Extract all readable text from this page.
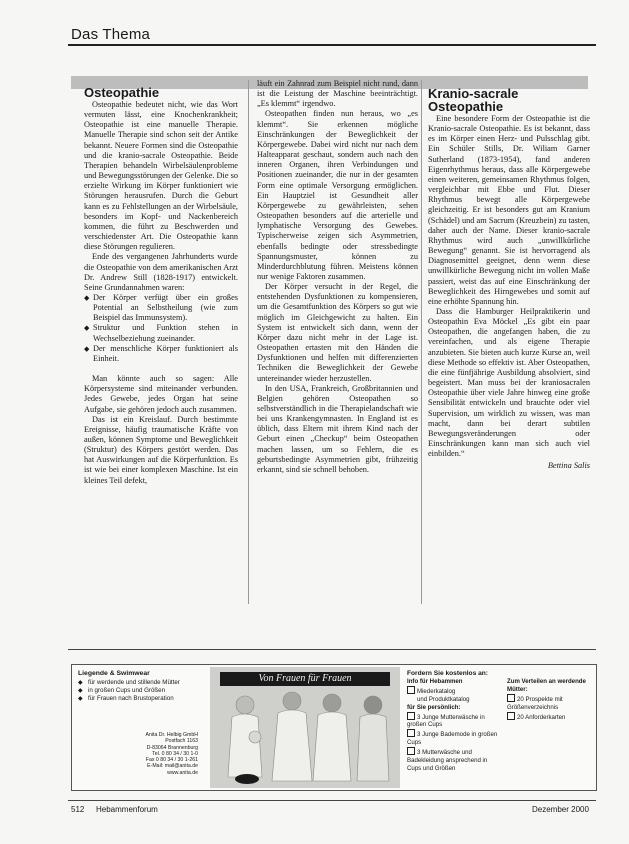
Das Thema
Osteopathie

Osteopathie bedeutet nicht, wie das Wort vermuten lässt, eine Knochenkrankheit; Osteopathie ist eine manuelle Therapie. Manuelle Therapie sind schon seit der Antike bekannt. Neuere Formen sind die Osteopathie und die kranio-sacrale Osteopathie. Beide Therapien behandeln Wirbelsäulenprobleme und Bewegungsstörungen der Gelenke. Die so erzielte Wirkung im Körper funktioniert wie Störungen herausrufen. Durch die Geburt kann es zu Fehlstellungen an der Wirbelsäule, besonders im Kopf- und Nackenbereich kommen, die führt zu Beschwerden und verschiedenster Art. Die Osteopathie kann diese Störungen regulieren.

Ende des vergangenen Jahrhunderts wurde die Osteopathie von dem amerikanischen Arzt Dr. Andrew Still (1828-1917) entwickelt. Seine Grundannahmen waren:

◆ Der Körper verfügt über ein großes Potential an Selbstheilung (wie zum Beispiel das Immunsystem).
◆ Struktur und Funktion stehen in Wechselbeziehung zueinander.
◆ Der menschliche Körper funktioniert als Einheit.

Man könnte auch so sagen: Alle Körpersysteme sind miteinander verbunden. Jedes Gewebe, jedes Organ hat seine Aufgabe, sie gehören jedoch auch zusammen.

Das ist ein Kreislauf. Durch bestimmte Ereignisse, häufig traumatische Kräfte von außen, können Symptome und Beweglichkeit (Struktur) des Körpers gestört werden. Das hat Auswirkungen auf die Körperfunktion. Es ist wie bei einer komplexen Maschine. Ist ein kleines Teil defekt,

läuft ein Zahnrad zum Beispiel nicht rund, dann ist die Leistung der Maschine beeinträchtigt. „Es klemmt“ irgendwo.

Osteopathen finden nun heraus, wo „es klemmt“. Sie erkennen mögliche Einschränkungen der Beweglichkeit der Körpergewebe. Dabei wird nicht nur nach dem Halteapparat geschaut, sondern auch nach den inneren Organen, ihren Verbindungen und Positionen zueinander, die nur in der gesamten Form eine optimale Versorgung ermöglichen. Ein Hauptziel ist Gesundheit aller Körpergewebe zu gewährleisten, sehen Osteopathen besonders auf die arterielle und lymphatische Versorgung des Gewebes. Typischerweise zeigen sich Asymmetrien, ebenfalls bedingte oder stressbedingte Spannungsmuster, können zu Minderdurchblutung führen. Meistens können nur wenige Faktoren zusammen.

Der Körper versucht in der Regel, die entstehenden Dysfunktionen zu kompensieren, um die Gesamtfunktion des Körpers so gut wie möglich im Gleichgewicht zu halten. Ein System ist entwickelt sich dann, wenn der Körper dazu nicht mehr in der Lage ist. Osteopathen ertasten mit den Händen die Dysfunktionen und helfen mit differenzierten Techniken die Beweglichkeit der Gewebe untereinander wieder herzustellen.

In den USA, Frankreich, Großbritannien und Belgien gehören Osteopathen so selbstverständlich in die Therapielandschaft wie bei uns Krankengymnasten. In England ist es üblich, dass Eltern mit ihrem Kind nach der Geburt einen „Checkup“ beim Osteopathen machen lassen, um so Fehlern, die es geburtsbedingte Asymmetrien gibt, frühzeitig erkannt, sind sie schnell behoben.

Kranio-sacrale Osteopathie

Eine besondere Form der Osteopathie ist die Kranio-sacrale Osteopathie. Es ist bekannt, dass es im Körper einen Herz- und Pulsschlag gibt. Ein Schüler Stills, Dr. Wiliam Garner Sutherland (1873-1954), fand anderen Eigenrhythmus heraus, dass alle Körpergewebe einen weiteren, gemeinsamen Rhythmus folgen, vergleichbar mit Ebbe und Flut. Dieser Rhythmus bewegt alle Körpergewebe gleichzeitig. Er ist besonders gut am Kranium (Schädel) und am Sacrum (Kreuzbein) zu tasten, daher auch der Name. Dieser kranio-sacrale Rhythmus wird auch „unwillkürliche Bewegung“ genannt. Sie ist hervorragend als Diagnosemittel geeignet, denn wenn diese unwillkürliche Bewegung nicht im vollen Maße passiert, weist das auf eine Einschränkung der Beweglichkeit des Hirngewebes und somit auf eine erhöhte Spannung hin.

Dass die Hamburger Heilpraktikerin und Osteopathin Eva Möckel „Es gibt ein paar Osteopathen, die angefangen haben, die zu vereinfachen, und als eigene Therapie anzubieten. Sie bieten auch kurze Kurse an, weil diese Methode so effektiv ist. Aber Osteopathen, die eine fünfjährige Ausbildung absolviert, sind begeistert. Man muss bei der kraniosacralen Osteopathie über viele Jahre hinweg eine große Sensibilität entwickeln und brauchte oder viel Supervision, um wirklich zu wissen, was man macht, dann bei derart subtilen Bewegungsveränderungen oder Einschränkungen kann man sich auch viel einbilden.“

Bettina Salis
Liegende & Swimwear
◆ für werdende und stillende Mütter
◆ in großen Cups und Größen
◆ für Frauen nach Brustoperation
Anita Dr. Helbig GmbH
Postfach 1163
D-83064 Brannenburg
Tel. 0 80 34 / 30 1-0
Fax 0 80 34 / 30 1-261
E-Mail: mail@anita.de
www.anita.de
Von Frauen für Frauen	Fordern Sie kostenlos an:
Info für Hebammen
Miederkatalog
und Produktkatalog
für Sie persönlich:
3 Junge Mutterwäsche in großen Cups
3 Junge Bademode in großen Cups
3 Mutterwäsche und Badekleidung ansprechend in Cups und Größen
Zum Verteilen an werdende Mütter:
20 Prospekte mit Größenverzeichnis
20 Anforderkarten
512 Hebammenforum	Dezember 2000
